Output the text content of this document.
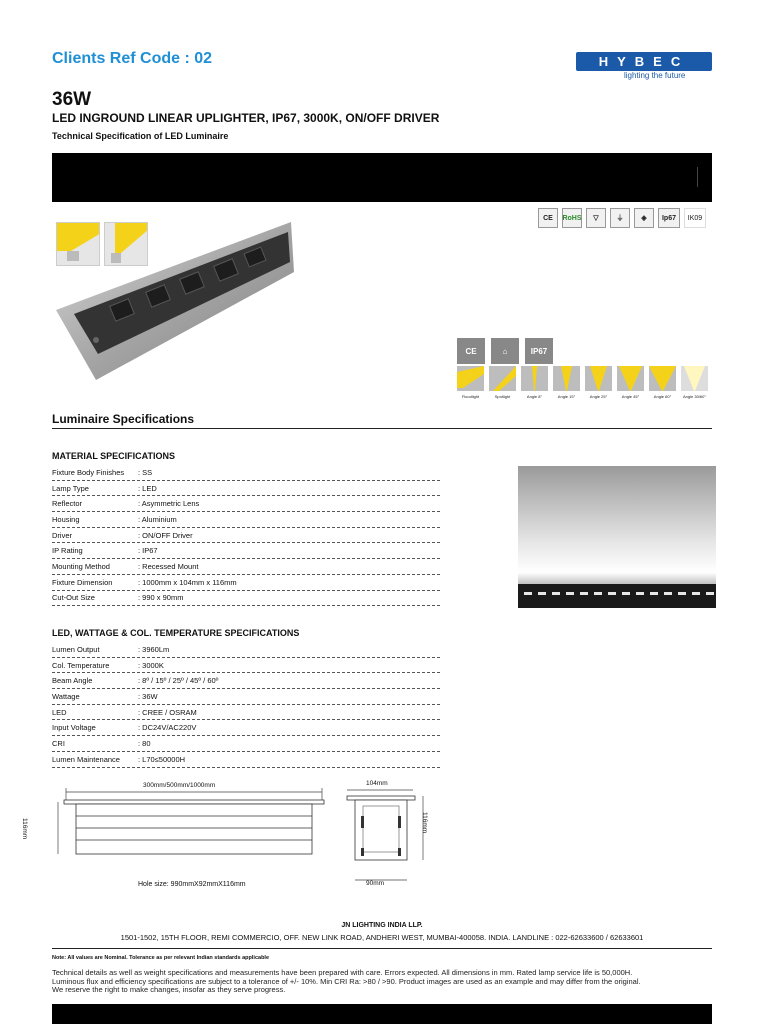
Clients Ref Code : 02	HYBEC
lighting the future
36W
LED INGROUND LINEAR UPLIGHTER, IP67, 3000K, ON/OFF DRIVER
Technical Specification of LED Luminaire
CE	RoHS	▽	⏚	◈	Ip67	IK09
CE	⌂	IP67
Floodlight	Spotlight	Angle 8°	Angle 15°	Angle 25°	Angle 45°	Angle 60°	Angle 30/60°
Luminaire Specifications
MATERIAL SPECIFICATIONS
Fixture Body Finishes	: SS
Lamp Type	: LED
Reflector	: Asymmetric Lens
Housing	: Aluminium
Driver	: ON/OFF Driver
IP Rating	: IP67
Mounting Method	: Recessed Mount
Fixture Dimension	: 1000mm x 104mm x 116mm
Cut-Out Size	: 990 x 90mm
LED, WATTAGE & COL. TEMPERATURE SPECIFICATIONS
Lumen Output	: 3960Lm
Col. Temperature	: 3000K
Beam Angle	: 8º / 15º / 25º / 45º / 60º
Wattage	: 36W
LED	: CREE / OSRAM
Input Voltage	: DC24V/AC220V
CRI	: 80
Lumen Maintenance	: L70≤50000H
300mm/500mm/1000mm
116mm
Hole size: 990mmX92mmX116mm
104mm
90mm
116mm
JN LIGHTING INDIA LLP.
1501-1502, 15TH FLOOR, REMI COMMERCIO, OFF. NEW LINK ROAD, ANDHERI WEST, MUMBAI-400058. INDIA. LANDLINE : 022-62633600 / 62633601
Note: All values are Nominal. Tolerance as per relevant Indian standards applicable
Technical details as well as weight specifications and measurements have been prepared with care. Errors expected. All dimensions in mm. Rated lamp service life is 50,000H.
Luminous flux and efficiency specifications are subject to a tolerance of +/- 10%. Min CRI Ra: >80 / >90. Product images are used as an example and may differ from the original.
We reserve the right to make changes, insofar as they serve progress.
